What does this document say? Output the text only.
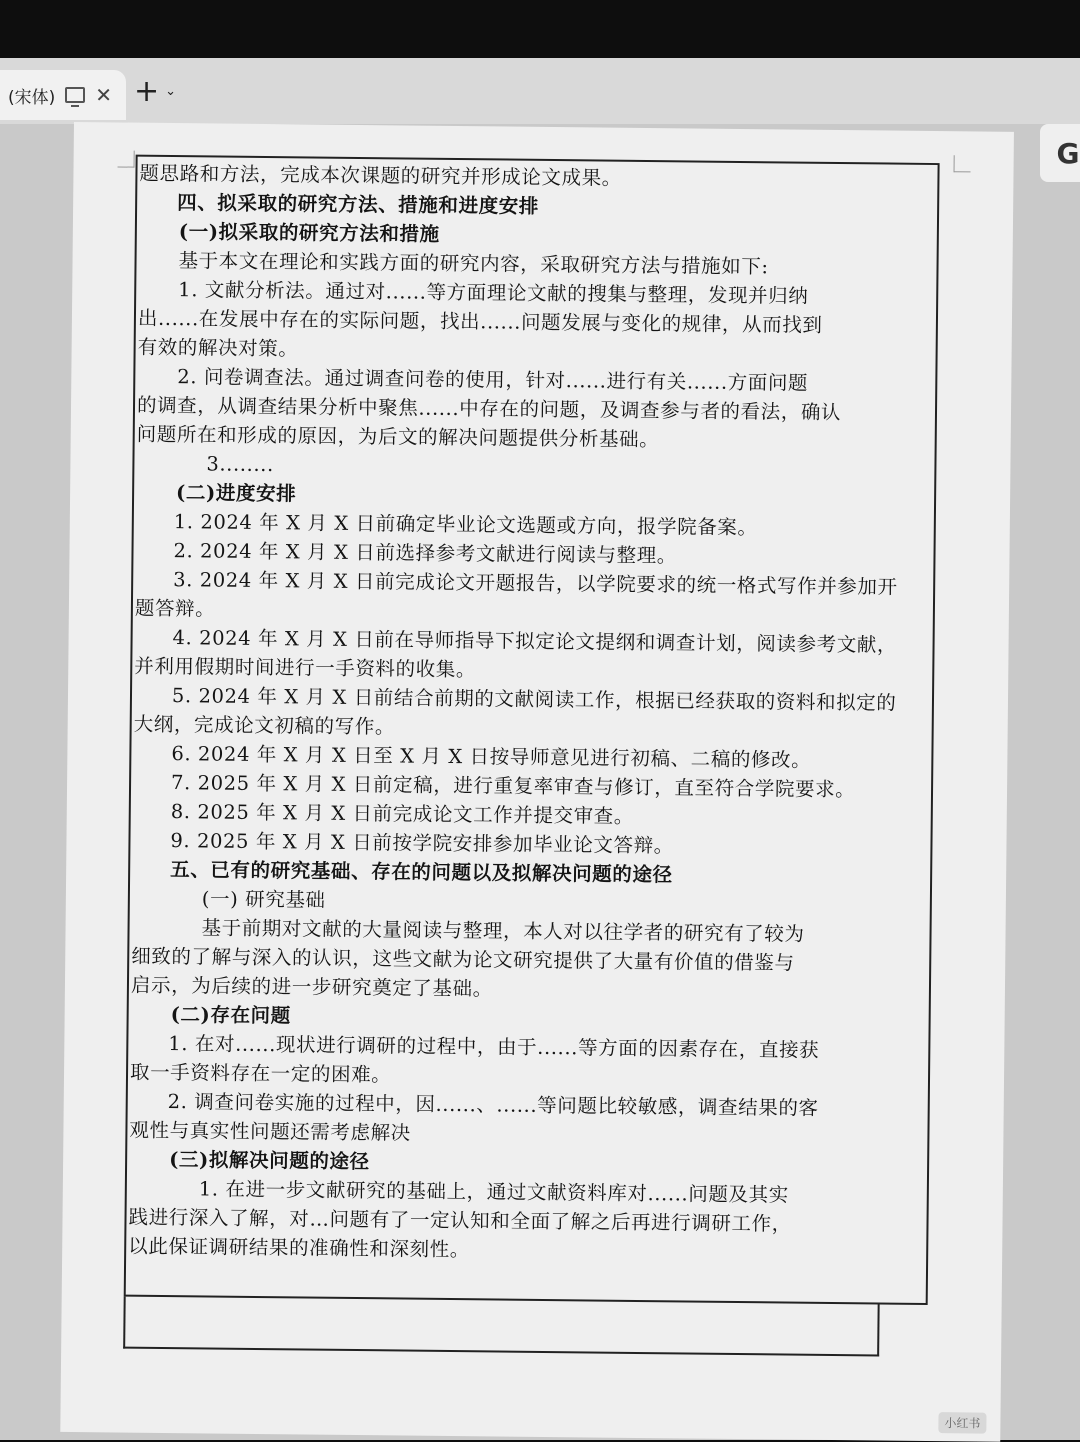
(宋体) ✕ + ⌄
G

题思路和方法，完成本次课题的研究并形成论文成果。

四、拟采取的研究方法、措施和进度安排

(一)拟采取的研究方法和措施

基于本文在理论和实践方面的研究内容，采取研究方法与措施如下:

1. 文献分析法。通过对......等方面理论文献的搜集与整理，发现并归纳

出......在发展中存在的实际问题，找出......问题发展与变化的规律，从而找到

有效的解决对策。

2. 问卷调查法。通过调查问卷的使用，针对......进行有关......方面问题

的调查，从调查结果分析中聚焦......中存在的问题，及调查参与者的看法，确认

问题所在和形成的原因，为后文的解决问题提供分析基础。

3........

(二)进度安排

1. 2024 年 X 月 X 日前确定毕业论文选题或方向，报学院备案。

2. 2024 年 X 月 X 日前选择参考文献进行阅读与整理。

3. 2024 年 X 月 X 日前完成论文开题报告，以学院要求的统一格式写作并参加开

题答辩。

4. 2024 年 X 月 X 日前在导师指导下拟定论文提纲和调查计划，阅读参考文献，

并利用假期时间进行一手资料的收集。

5. 2024 年 X 月 X 日前结合前期的文献阅读工作，根据已经获取的资料和拟定的

大纲，完成论文初稿的写作。

6. 2024 年 X 月 X 日至 X 月 X 日按导师意见进行初稿、二稿的修改。

7. 2025 年 X 月 X 日前定稿，进行重复率审查与修订，直至符合学院要求。

8. 2025 年 X 月 X 日前完成论文工作并提交审查。

9. 2025 年 X 月 X 日前按学院安排参加毕业论文答辩。

五、已有的研究基础、存在的问题以及拟解决问题的途径

(一) 研究基础

基于前期对文献的大量阅读与整理，本人对以往学者的研究有了较为

细致的了解与深入的认识，这些文献为论文研究提供了大量有价值的借鉴与

启示，为后续的进一步研究奠定了基础。

(二)存在问题

1. 在对......现状进行调研的过程中，由于......等方面的因素存在，直接获

取一手资料存在一定的困难。

2. 调查问卷实施的过程中，因......、......等问题比较敏感，调查结果的客

观性与真实性问题还需考虑解决

(三)拟解决问题的途径

1. 在进一步文献研究的基础上，通过文献资料库对......问题及其实

践进行深入了解，对…问题有了一定认知和全面了解之后再进行调研工作，

以此保证调研结果的准确性和深刻性。

小红书
